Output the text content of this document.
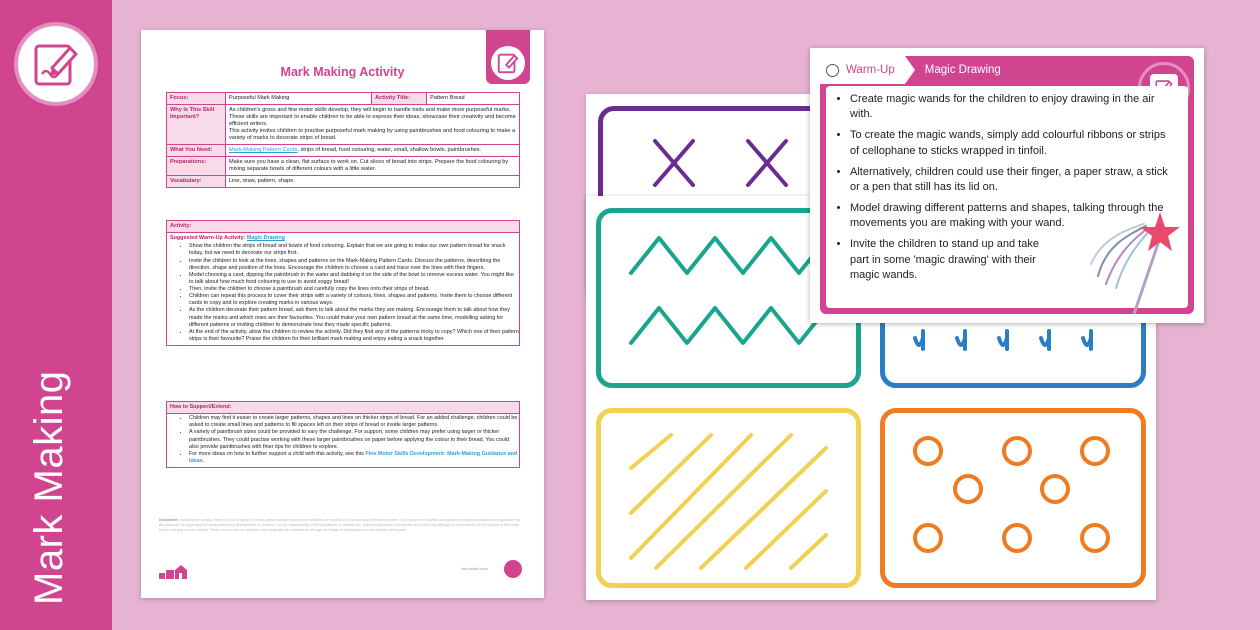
Mark Making
Mark Making Activity
Focus:	Purposeful Mark Making	Activity Title:	Pattern Bread
Why Is This Skill Important?	As children's gross and fine motor skills develop, they will begin to handle tools and make more purposeful marks. These skills are important to enable children to be able to express their ideas, showcase their creativity and become efficient writers.
This activity invites children to practise purposeful mark making by using paintbrushes and food colouring to make a variety of marks to decorate strips of bread.		
What You Need:	Mark-Making Pattern Cards, strips of bread, food colouring, water, small, shallow bowls, paintbrushes.		
Preparations:	Make sure you have a clean, flat surface to work on. Cut slices of bread into strips. Prepare the food colouring by mixing separate bowls of different colours with a little water.		
Vocabulary:	Line, draw, pattern, shape.		
Activity:
Suggested Warm-Up Activity: Magic Drawing
• Show the children the strips of bread and bowls of food colouring. Explain that we are going to make our own pattern bread for snack today, but we need to decorate our strips first.
• Invite the children to look at the lines, shapes and patterns on the Mark-Making Pattern Cards. Discuss the patterns, describing the direction, shape and position of the lines. Encourage the children to choose a card and trace over the lines with their fingers.
• Model choosing a card, dipping the paintbrush in the water and dabbing it on the side of the bowl to remove excess water. You might like to talk about how much food colouring to use to avoid soggy bread!
• Then, invite the children to choose a paintbrush and carefully copy the lines onto their strips of bread.
• Children can repeat this process to cover their strips with a variety of colours, lines, shapes and patterns. Invite them to choose different cards to copy and to explore creating marks in various ways.
• As the children decorate their pattern bread, ask them to talk about the marks they are making. Encourage them to talk about how they made the marks and which ones are their favourites. You could make your own pattern bread at the same time, modelling asking for different patterns or inviting children to demonstrate how they made specific patterns.
• At the end of the activity, allow the children to review the activity. Did they find any of the patterns tricky to copy? Which one of their pattern strips is their favourite? Praise the children for their brilliant mark making and enjoy eating a snack together.
How to Support/Extend:
• Children may find it easier to create larger patterns, shapes and lines on thicker strips of bread. For an added challenge, children could be asked to create small lines and patterns to fill spaces left on their strips of bread or inside larger patterns.
• A variety of paintbrush sizes could be provided to vary the challenge. For support, some children may prefer using larger or thicker paintbrushes. They could practise working with these larger paintbrushes on paper before applying the colour to their bread. You could also provide paintbrushes with finer tips for children to explore.
• For more ideas on how to further support a child with this activity, see this Fine Motor Skills Development: Mark-Making Guidance and Ideas.
Disclaimer: Including the activity, there is a risk of injury or illness; please always ensure your activities are carried out in a safe and controlled manner. Our resources, activities and guidance provide assistance and guidance for the purposes of supporting the assessment and development of children. It is the responsibility of the practitioner to assess risk, ensure supervision is adequate and check any allergies or intolerances of the children in their care before carrying out any activity. Please ensure that all materials and equipment are suitable for the age and stage of development of the children taking part.
visit twinkl.com
Warm-Up	Magic Drawing
• Create magic wands for the children to enjoy drawing in the air with.
• To create the magic wands, simply add colourful ribbons or strips of cellophane to sticks wrapped in tinfoil.
• Alternatively, children could use their finger, a paper straw, a stick or a pen that still has its lid on.
• Model drawing different patterns and shapes, talking through the movements you are making with your wand.
• Invite the children to stand up and take part in some 'magic drawing' with their magic wands.
